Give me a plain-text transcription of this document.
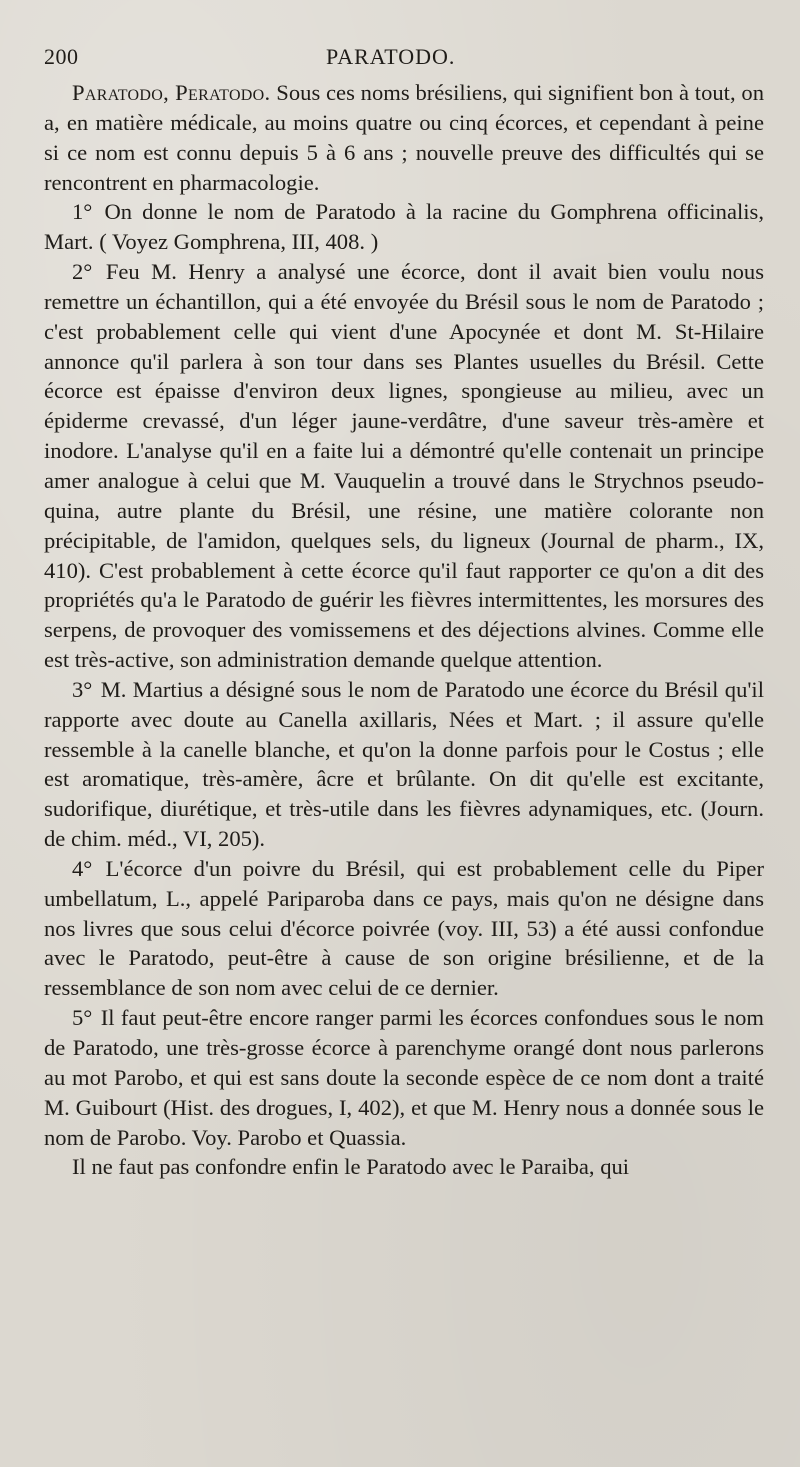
200	PARATODO.

Paratodo, Peratodo. Sous ces noms brésiliens, qui signifient bon à tout, on a, en matière médicale, au moins quatre ou cinq écorces, et cependant à peine si ce nom est connu depuis 5 à 6 ans ; nouvelle preuve des difficultés qui se rencontrent en pharmacologie.

1° On donne le nom de Paratodo à la racine du Gomphrena officinalis, Mart. ( Voyez Gomphrena, III, 408. )

2° Feu M. Henry a analysé une écorce, dont il avait bien voulu nous remettre un échantillon, qui a été envoyée du Brésil sous le nom de Paratodo ; c'est probablement celle qui vient d'une Apocynée et dont M. St-Hilaire annonce qu'il parlera à son tour dans ses Plantes usuelles du Brésil. Cette écorce est épaisse d'environ deux lignes, spongieuse au milieu, avec un épiderme crevassé, d'un léger jaune-verdâtre, d'une saveur très-amère et inodore. L'analyse qu'il en a faite lui a démontré qu'elle contenait un principe amer analogue à celui que M. Vauquelin a trouvé dans le Strychnos pseudo-quina, autre plante du Brésil, une résine, une matière colorante non précipitable, de l'amidon, quelques sels, du ligneux (Journal de pharm., IX, 410). C'est probablement à cette écorce qu'il faut rapporter ce qu'on a dit des propriétés qu'a le Paratodo de guérir les fièvres intermittentes, les morsures des serpens, de provoquer des vomissemens et des déjections alvines. Comme elle est très-active, son administration demande quelque attention.

3° M. Martius a désigné sous le nom de Paratodo une écorce du Brésil qu'il rapporte avec doute au Canella axillaris, Nées et Mart. ; il assure qu'elle ressemble à la canelle blanche, et qu'on la donne parfois pour le Costus ; elle est aromatique, très-amère, âcre et brûlante. On dit qu'elle est excitante, sudorifique, diurétique, et très-utile dans les fièvres adynamiques, etc. (Journ. de chim. méd., VI, 205).

4° L'écorce d'un poivre du Brésil, qui est probablement celle du Piper umbellatum, L., appelé Pariparoba dans ce pays, mais qu'on ne désigne dans nos livres que sous celui d'écorce poivrée (voy. III, 53) a été aussi confondue avec le Paratodo, peut-être à cause de son origine brésilienne, et de la ressemblance de son nom avec celui de ce dernier.

5° Il faut peut-être encore ranger parmi les écorces confondues sous le nom de Paratodo, une très-grosse écorce à parenchyme orangé dont nous parlerons au mot Parobo, et qui est sans doute la seconde espèce de ce nom dont a traité M. Guibourt (Hist. des drogues, I, 402), et que M. Henry nous a donnée sous le nom de Parobo. Voy. Parobo et Quassia.

Il ne faut pas confondre enfin le Paratodo avec le Paraiba, qui
